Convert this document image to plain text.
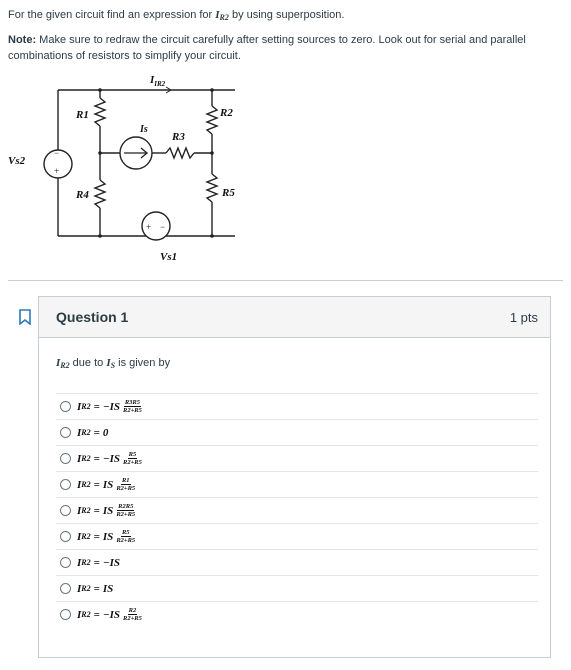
For the given circuit find an expression for $I_{R2}$ by using superposition.

Note: Make sure to redraw the circuit carefully after setting sources to zero. Look out for serial and parallel combinations of resistors to simplify your circuit.

−
+
+ −
$I_{IR2}$
R1	R2
R3
R4	R5
Is
Vs1
Vs2
Question 1	1 pts
$I_{R2}$ due to $I_S$ is given by
I $R2 = -IS \frac{R3R5}{R2+R5}$
I R2 = 0
I $R2 = -IS \frac{R5}{R2+R5}$
I R2 = IS $\frac{R1}{R2+R5}$
I R2 = IS $\frac{R2R5}{R2+R5}$
I R2 = IS $\frac{R5}{R2+R5}$
I R2 = −IS
I R2 = IS
I $R2 = -IS \frac{R2}{R2+R5}$
